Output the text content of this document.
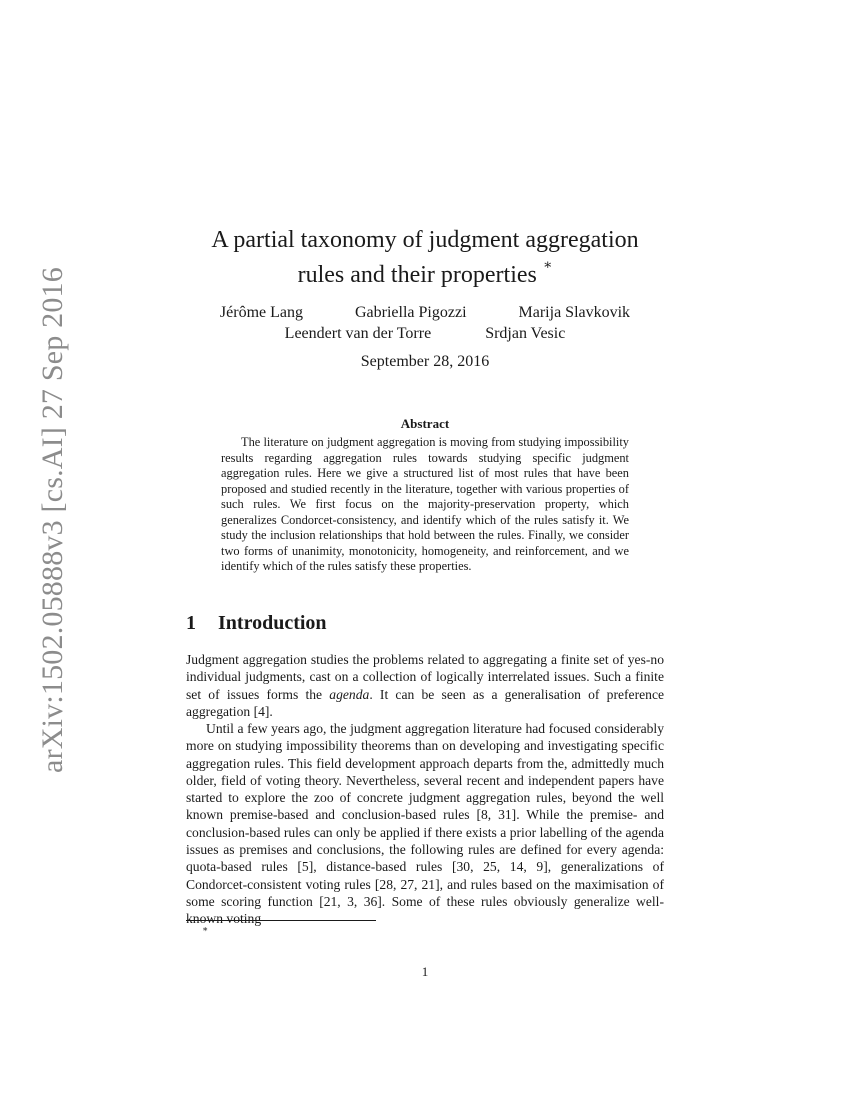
arXiv:1502.05888v3 [cs.AI] 27 Sep 2016
A partial taxonomy of judgment aggregation
rules and their properties ∗
Jérôme Lang	Gabriella Pigozzi	Marija Slavkovik
Leendert van der Torre	Srdjan Vesic
September 28, 2016
Abstract
The literature on judgment aggregation is moving from studying impossibility results regarding aggregation rules towards studying specific judgment aggregation rules. Here we give a structured list of most rules that have been proposed and studied recently in the literature, together with various properties of such rules. We first focus on the majority-preservation property, which generalizes Condorcet-consistency, and identify which of the rules satisfy it. We study the inclusion relationships that hold between the rules. Finally, we consider two forms of unanimity, monotonicity, homogeneity, and reinforcement, and we identify which of the rules satisfy these properties.
1 Introduction

Judgment aggregation studies the problems related to aggregating a finite set of yes-no individual judgments, cast on a collection of logically interrelated issues. Such a finite set of issues forms the agenda. It can be seen as a generalisation of preference aggregation [4].

Until a few years ago, the judgment aggregation literature had focused considerably more on studying impossibility theorems than on developing and investigating specific aggregation rules. This field development approach departs from the, admittedly much older, field of voting theory. Nevertheless, several recent and independent papers have started to explore the zoo of concrete judgment aggregation rules, beyond the well known premise-based and conclusion-based rules [8, 31]. While the premise- and conclusion-based rules can only be applied if there exists a prior labelling of the agenda issues as premises and conclusions, the following rules are defined for every agenda: quota-based rules [5], distance-based rules [30, 25, 14, 9], generalizations of Condorcet-consistent voting rules [28, 27, 21], and rules based on the maximisation of some scoring function [21, 3, 36]. Some of these rules obviously generalize well-known voting

∗
1
